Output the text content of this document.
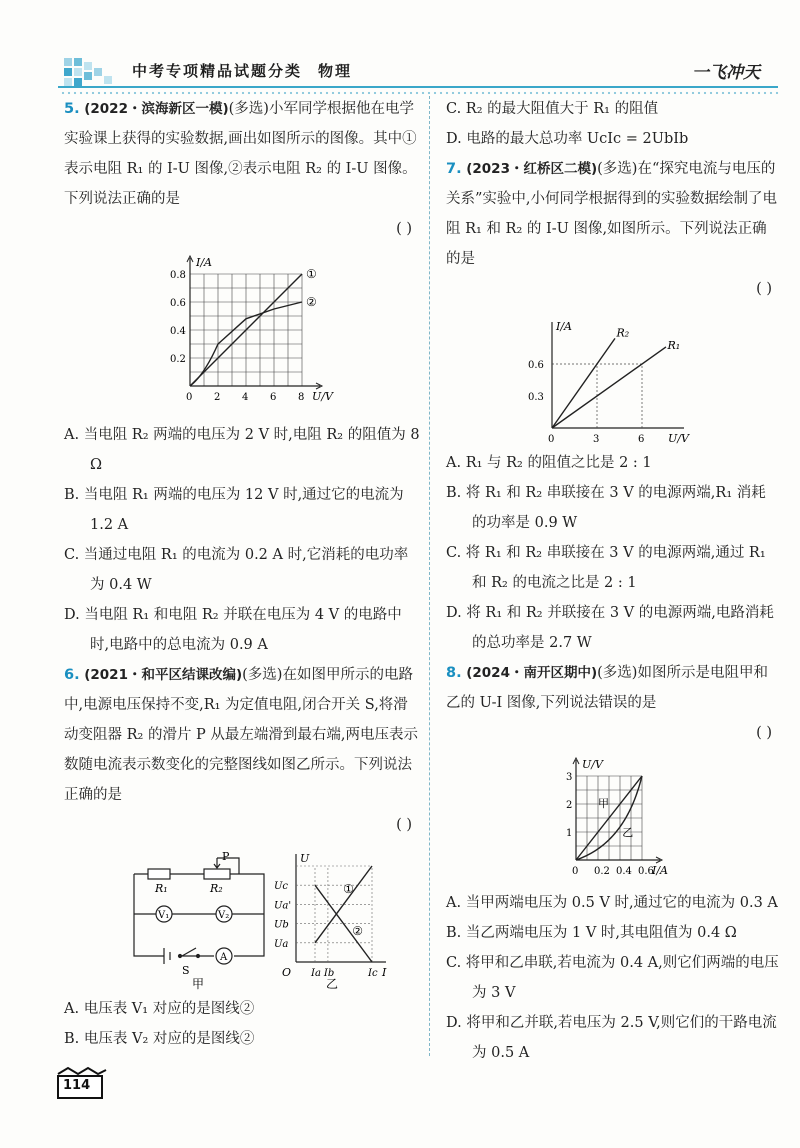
中考专项精品试题分类 物理	一飞冲天

5. (2022・滨海新区一模)(多选)小军同学根据他在电学实验课上获得的实验数据,画出如图所示的图像。其中①表示电阻 R₁ 的 I-U 图像,②表示电阻 R₂ 的 I-U 图像。下列说法正确的是

( )
U/V
I/A
0 2 4 6 8
0.2
0.4
0.6
0.8	①
②

A. 当电阻 R₂ 两端的电压为 2 V 时,电阻 R₂ 的阻值为 8 Ω

B. 当电阻 R₁ 两端的电压为 12 V 时,通过它的电流为 1.2 A

C. 当通过电阻 R₁ 的电流为 0.2 A 时,它消耗的电功率为 0.4 W

D. 当电阻 R₁ 和电阻 R₂ 并联在电压为 4 V 的电路中时,电路中的总电流为 0.9 A

6. (2021・和平区结课改编)(多选)在如图甲所示的电路中,电源电压保持不变,R₁ 为定值电阻,闭合开关 S,将滑动变阻器 R₂ 的滑片 P 从最左端滑到最右端,两电压表示数随电流表示数变化的完整图线如图乙所示。下列说法正确的是

( )
R₁	R₂
P
V₁	V₂
A
S
甲
I
U
O Ia Ib	Ic
Ua
Ub
Ua'
Uc	①
②
乙

A. 电压表 V₁ 对应的是图线②

B. 电压表 V₂ 对应的是图线②

C. R₂ 的最大阻值大于 R₁ 的阻值

D. 电路的最大总功率 UcIc = 2UbIb

7. (2023・红桥区二模)(多选)在“探究电流与电压的关系”实验中,小何同学根据得到的实验数据绘制了电阻 R₁ 和 R₂ 的 I-U 图像,如图所示。下列说法正确的是

( )
U/V
I/A
0	3	6
0.3
0.6
R₂
R₁

A. R₁ 与 R₂ 的阻值之比是 2 : 1

B. 将 R₁ 和 R₂ 串联接在 3 V 的电源两端,R₁ 消耗的功率是 0.9 W

C. 将 R₁ 和 R₂ 串联接在 3 V 的电源两端,通过 R₁ 和 R₂ 的电流之比是 2 : 1

D. 将 R₁ 和 R₂ 并联接在 3 V 的电源两端,电路消耗的总功率是 2.7 W

8. (2024・南开区期中)(多选)如图所示是电阻甲和乙的 U-I 图像,下列说法错误的是

( )
I/A
U/V
0 0.2 0.4 0.6
1
2
3
甲
乙

A. 当甲两端电压为 0.5 V 时,通过它的电流为 0.3 A

B. 当乙两端电压为 1 V 时,其电阻值为 0.4 Ω

C. 将甲和乙串联,若电流为 0.4 A,则它们两端的电压为 3 V

D. 将甲和乙并联,若电压为 2.5 V,则它们的干路电流为 0.5 A

114
